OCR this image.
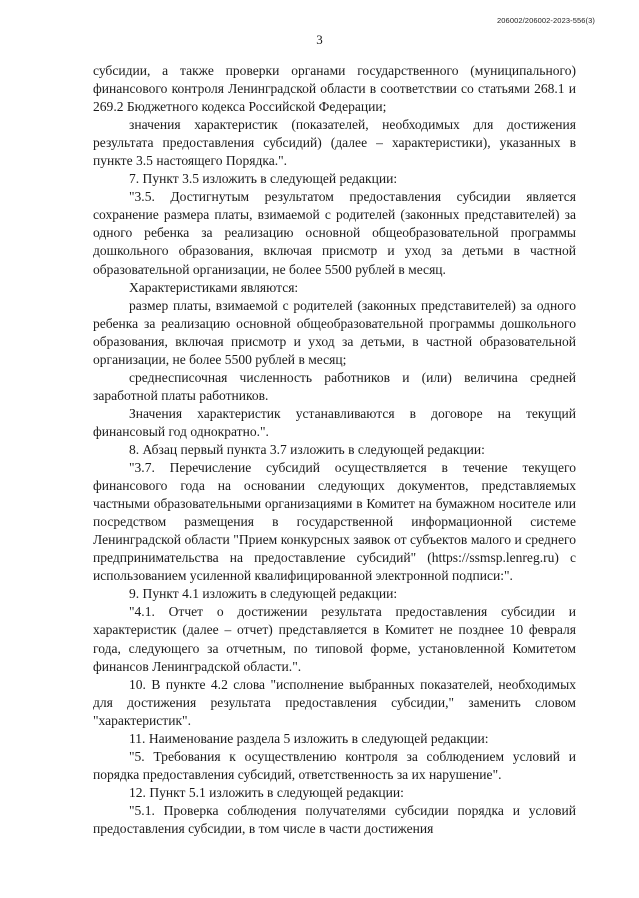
206002/206002-2023-556(3)
3

субсидии, а также проверки органами государственного (муниципального) финансового контроля Ленинградской области в соответствии со статьями 268.1 и 269.2 Бюджетного кодекса Российской Федерации;

значения характеристик (показателей, необходимых для достижения результата предоставления субсидий) (далее – характеристики), указанных в пункте 3.5 настоящего Порядка.".

7. Пункт 3.5 изложить в следующей редакции:

"3.5. Достигнутым результатом предоставления субсидии является сохранение размера платы, взимаемой с родителей (законных представителей) за одного ребенка за реализацию основной общеобразовательной программы дошкольного образования, включая присмотр и уход за детьми в частной образовательной организации, не более 5500 рублей в месяц.

Характеристиками являются:

размер платы, взимаемой с родителей (законных представителей) за одного ребенка за реализацию основной общеобразовательной программы дошкольного образования, включая присмотр и уход за детьми, в частной образовательной организации, не более 5500 рублей в месяц;

среднесписочная численность работников и (или) величина средней заработной платы работников.

Значения характеристик устанавливаются в договоре на текущий финансовый год однократно.".

8. Абзац первый пункта 3.7 изложить в следующей редакции:

"3.7. Перечисление субсидий осуществляется в течение текущего финансового года на основании следующих документов, представляемых частными образовательными организациями в Комитет на бумажном носителе или посредством размещения в государственной информационной системе Ленинградской области "Прием конкурсных заявок от субъектов малого и среднего предпринимательства на предоставление субсидий" (https://ssmsp.lenreg.ru) с использованием усиленной квалифицированной электронной подписи:".

9. Пункт 4.1 изложить в следующей редакции:

"4.1. Отчет о достижении результата предоставления субсидии и характеристик (далее – отчет) представляется в Комитет не позднее 10 февраля года, следующего за отчетным, по типовой форме, установленной Комитетом финансов Ленинградской области.".

10. В пункте 4.2 слова "исполнение выбранных показателей, необходимых для достижения результата предоставления субсидии," заменить словом "характеристик".

11. Наименование раздела 5 изложить в следующей редакции:

"5. Требования к осуществлению контроля за соблюдением условий и порядка предоставления субсидий, ответственность за их нарушение".

12. Пункт 5.1 изложить в следующей редакции:

"5.1. Проверка соблюдения получателями субсидии порядка и условий предоставления субсидии, в том числе в части достижения
